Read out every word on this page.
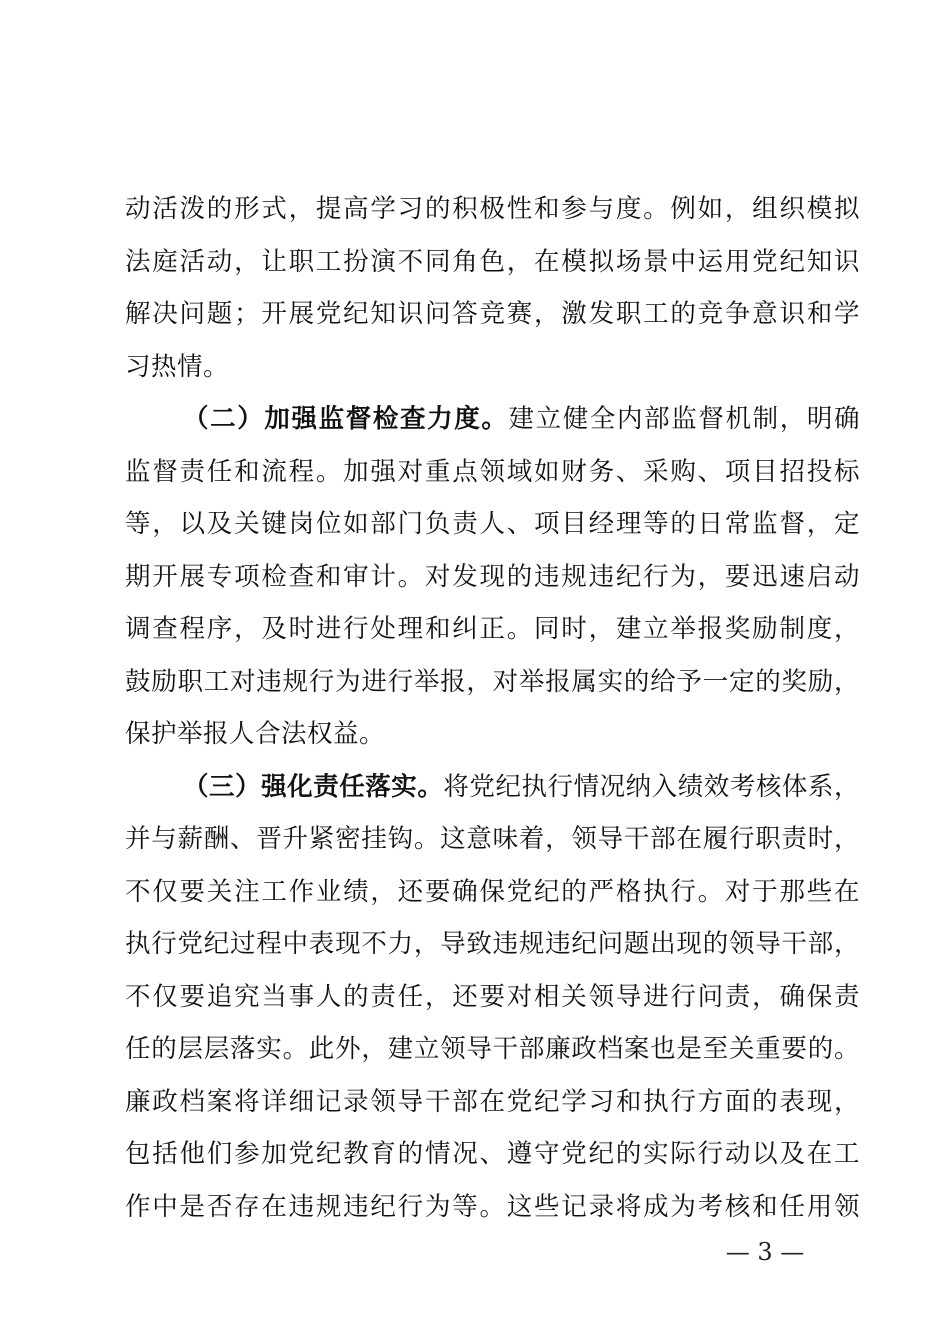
动活泼的形式，提高学习的积极性和参与度。例如，组织模拟
法庭活动，让职工扮演不同角色，在模拟场景中运用党纪知识
解决问题；开展党纪知识问答竞赛，激发职工的竞争意识和学
习热情。
（二）加强监督检查力度。建立健全内部监督机制，明确
监督责任和流程。加强对重点领域如财务、采购、项目招投标
等，以及关键岗位如部门负责人、项目经理等的日常监督，定
期开展专项检查和审计。对发现的违规违纪行为，要迅速启动
调查程序，及时进行处理和纠正。同时，建立举报奖励制度，
鼓励职工对违规行为进行举报，对举报属实的给予一定的奖励，
保护举报人合法权益。
（三）强化责任落实。将党纪执行情况纳入绩效考核体系，
并与薪酬、晋升紧密挂钩。这意味着，领导干部在履行职责时，
不仅要关注工作业绩，还要确保党纪的严格执行。对于那些在
执行党纪过程中表现不力，导致违规违纪问题出现的领导干部，
不仅要追究当事人的责任，还要对相关领导进行问责，确保责
任的层层落实。此外，建立领导干部廉政档案也是至关重要的。
廉政档案将详细记录领导干部在党纪学习和执行方面的表现，
包括他们参加党纪教育的情况、遵守党纪的实际行动以及在工
作中是否存在违规违纪行为等。这些记录将成为考核和任用领
— 3 —
